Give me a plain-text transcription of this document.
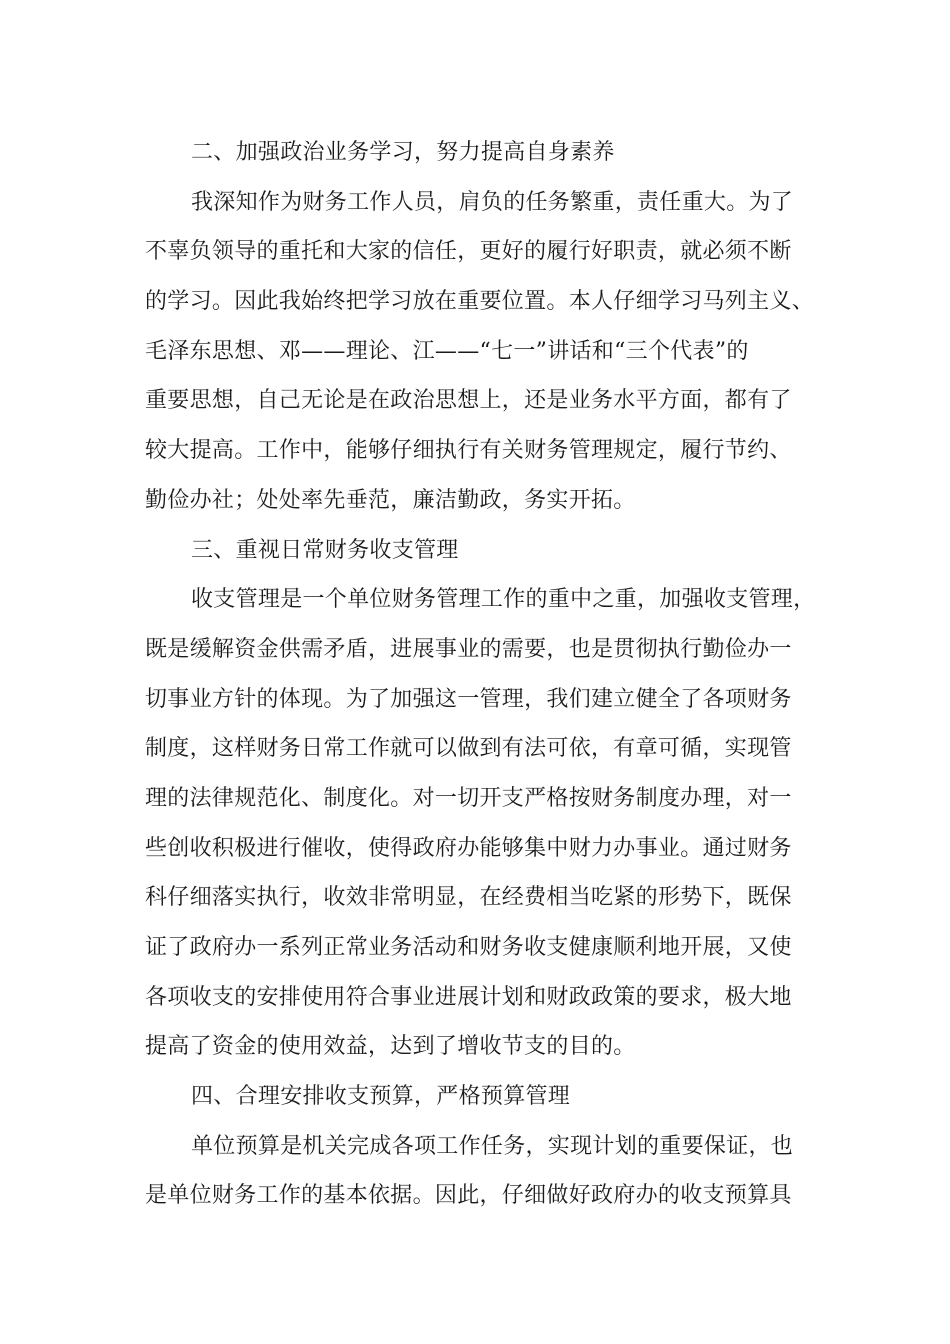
二、加强政治业务学习，努力提高自身素养
我深知作为财务工作人员，肩负的任务繁重，责任重大。为了
不辜负领导的重托和大家的信任，更好的履行好职责，就必须不断
的学习。因此我始终把学习放在重要位置。本人仔细学习马列主义、
毛泽东思想、邓——理论、江——“七一”讲话和“三个代表”的
重要思想，自己无论是在政治思想上，还是业务水平方面，都有了
较大提高。工作中，能够仔细执行有关财务管理规定，履行节约、
勤俭办社；处处率先垂范，廉洁勤政，务实开拓。
三、重视日常财务收支管理
收支管理是一个单位财务管理工作的重中之重，加强收支管理，
既是缓解资金供需矛盾，进展事业的需要，也是贯彻执行勤俭办一
切事业方针的体现。为了加强这一管理，我们建立健全了各项财务
制度，这样财务日常工作就可以做到有法可依，有章可循，实现管
理的法律规范化、制度化。对一切开支严格按财务制度办理，对一
些创收积极进行催收，使得政府办能够集中财力办事业。通过财务
科仔细落实执行，收效非常明显，在经费相当吃紧的形势下，既保
证了政府办一系列正常业务活动和财务收支健康顺利地开展，又使
各项收支的安排使用符合事业进展计划和财政政策的要求，极大地
提高了资金的使用效益，达到了增收节支的目的。
四、合理安排收支预算，严格预算管理
单位预算是机关完成各项工作任务，实现计划的重要保证，也
是单位财务工作的基本依据。因此，仔细做好政府办的收支预算具
